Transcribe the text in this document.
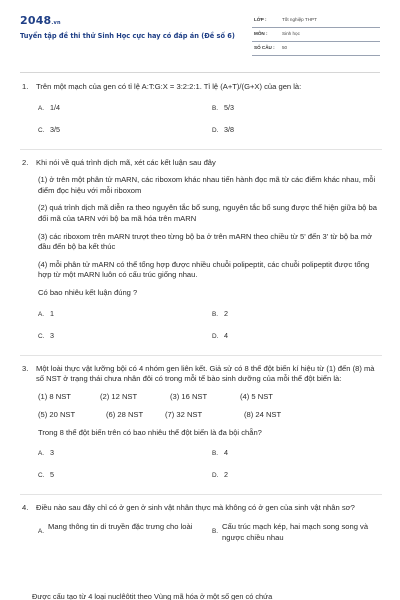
2048.vn
Tuyển tập đề thi thử Sinh Học cực hay có đáp án (Đề số 6)
LỚP :	Tốt nghiệp THPT
MÔN :	Sinh học
SỐ CÂU : 50
1. Trên một mạch của gen có tỉ lệ A:T:G:X = 3:2:2:1. Tỉ lệ (A+T)/(G+X) của gen là:
A. 1/4	B. 5/3
C. 3/5	D. 3/8
2. Khi nói về quá trình dịch mã, xét các kết luận sau đây
(1) ở trên một phân tử mARN, các riboxom khác nhau tiến hành đọc mã từ các điểm khác nhau, mỗi điểm đọc hiệu với mỗi riboxom
(2) quá trình dịch mã diễn ra theo nguyên tắc bổ sung, nguyên tắc bổ sung được thể hiện giữa bộ ba đối mã của tARN với bộ ba mã hóa trên mARN
(3) các riboxom trên mARN trượt theo từng bộ ba ở trên mARN theo chiều từ 5' đến 3' từ bộ ba mở đầu đến bộ ba kết thúc
(4) mỗi phân tử mARN có thể tổng hợp được nhiều chuỗi polipeptit, các chuỗi polipeptit được tổng hợp từ một mARN luôn có cấu trúc giống nhau.
Có bao nhiêu kết luận đúng ?
A. 1	B. 2
C. 3	D. 4
3. Một loài thực vật lưỡng bội có 4 nhóm gen liên kết. Giả sử có 8 thể đột biến kí hiệu từ (1) đến (8) mà số NST ở trạng thái chưa nhân đôi có trong mỗi tế bào sinh dưỡng của mỗi thể đột biến là:
(1) 8 NST	(2) 12 NST	(3) 16 NST	(4) 5 NST
(5) 20 NST	(6) 28 NST	(7) 32 NST	(8) 24 NST
Trong 8 thể đột biến trên có bao nhiêu thể đột biến là đa bội chẵn?
A. 3	B. 4
C. 5	D. 2
4. Điều nào sau đây chỉ có ở gen ở sinh vật nhân thực mà không có ở gen của sinh vật nhân sơ?
A.
Mang thông tin di truyền đặc trưng cho loài
B.
Cấu trúc mạch kép, hai mạch song song và ngược chiều nhau
Được cấu tạo từ 4 loại nuclêôtit theo Vùng mã hóa ở một số gen có chứa
